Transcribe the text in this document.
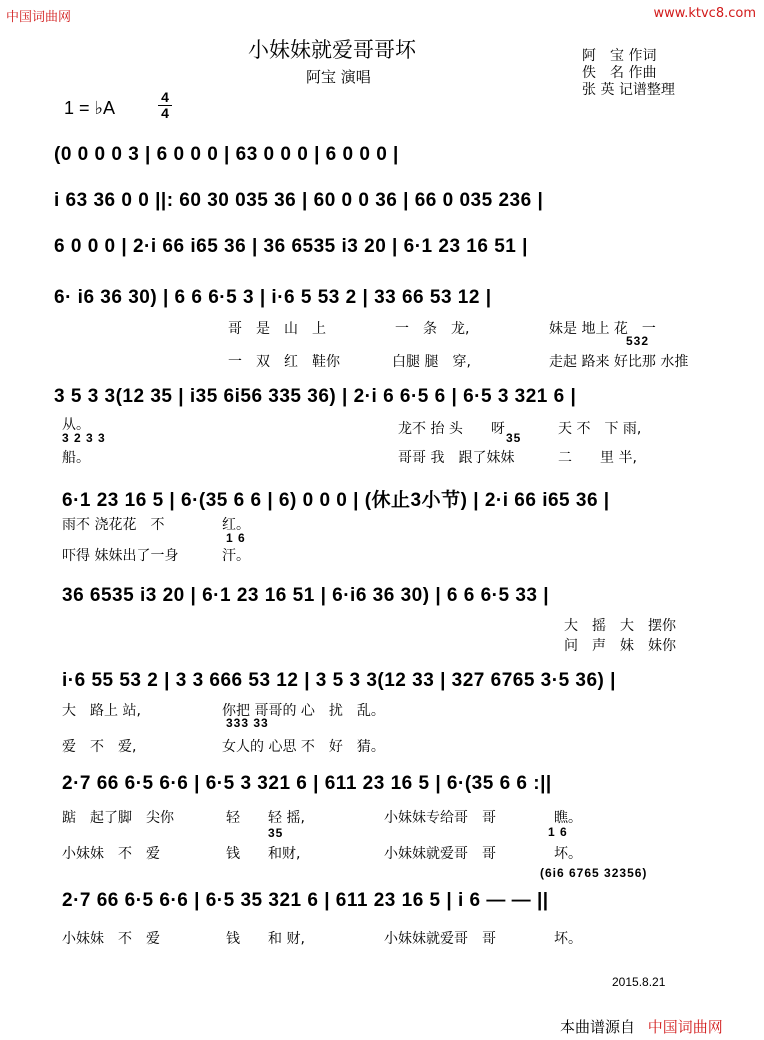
中国词曲网	www.ktvc8.com
小妹妹就爱哥哥坏
阿宝 演唱
阿　宝 作词
佚　名 作曲
张 英 记谱整理
1 = ♭A
4
4
(0 0 0 0 3 | 6 0 0 0 | 63 0 0 0 | 6 0 0 0 |
i 63 36 0 0 ||: 60 30 035 36 | 60 0 0 36 | 66 0 035 236 |
6 0 0 0 | 2·i 66 i65 36 | 36 6535 i3 20 | 6·1 23 16 51 |
6· i6 36 30) | 6 6 6·5 3 | i·6 5 53 2 | 33 66 53 12 |
哥　是　山　上	一　条　龙,	妹是 地上 花　一
532
一　双　红　鞋你	白腿 腿　穿,	走起 路来 好比那 水推
3 5 3 3(12 35 | i35 6i56 335 36) | 2·i 6 6·5 6 | 6·5 3 321 6 |
从。	龙不 抬 头　　呀	天 不　下 雨,
3 2 3 3	35
船。	哥哥 我　跟了妹妹	二　　里 半,
6·1 23 16 5 | 6·(35 6 6 | 6) 0 0 0 | (休止3小节) | 2·i 66 i65 36 |
雨不 浇花花　不	红。
1 6
吓得 妹妹出了一身	汗。
36 6535 i3 20 | 6·1 23 16 51 | 6·i6 36 30) | 6 6 6·5 33 |
大　摇　大　摆你
问　声　妹　妹你
i·6 55 53 2 | 3 3 666 53 12 | 3 5 3 3(12 33 | 327 6765 3·5 36) |
大　路上 站,	你把 哥哥的 心　扰　乱。
333 33
爱　不　爱,	女人的 心思 不　好　猜。
2·7 66 6·5 6·6 | 6·5 3 321 6 | 611 23 16 5 | 6·(35 6 6 :||
踮　起了脚　尖你	轻　　轻 摇,	小妹妹专给哥　哥	瞧。
35	1 6
小妹妹　不　爱	钱　　和财,	小妹妹就爱哥　哥	坏。
(6i6 6765 32356)
2·7 66 6·5 6·6 | 6·5 35 321 6 | 611 23 16 5 | i 6 — — ||
小妹妹　不　爱	钱　　和 财,	小妹妹就爱哥　哥	坏。
2015.8.21
本曲谱源自 中国词曲网
